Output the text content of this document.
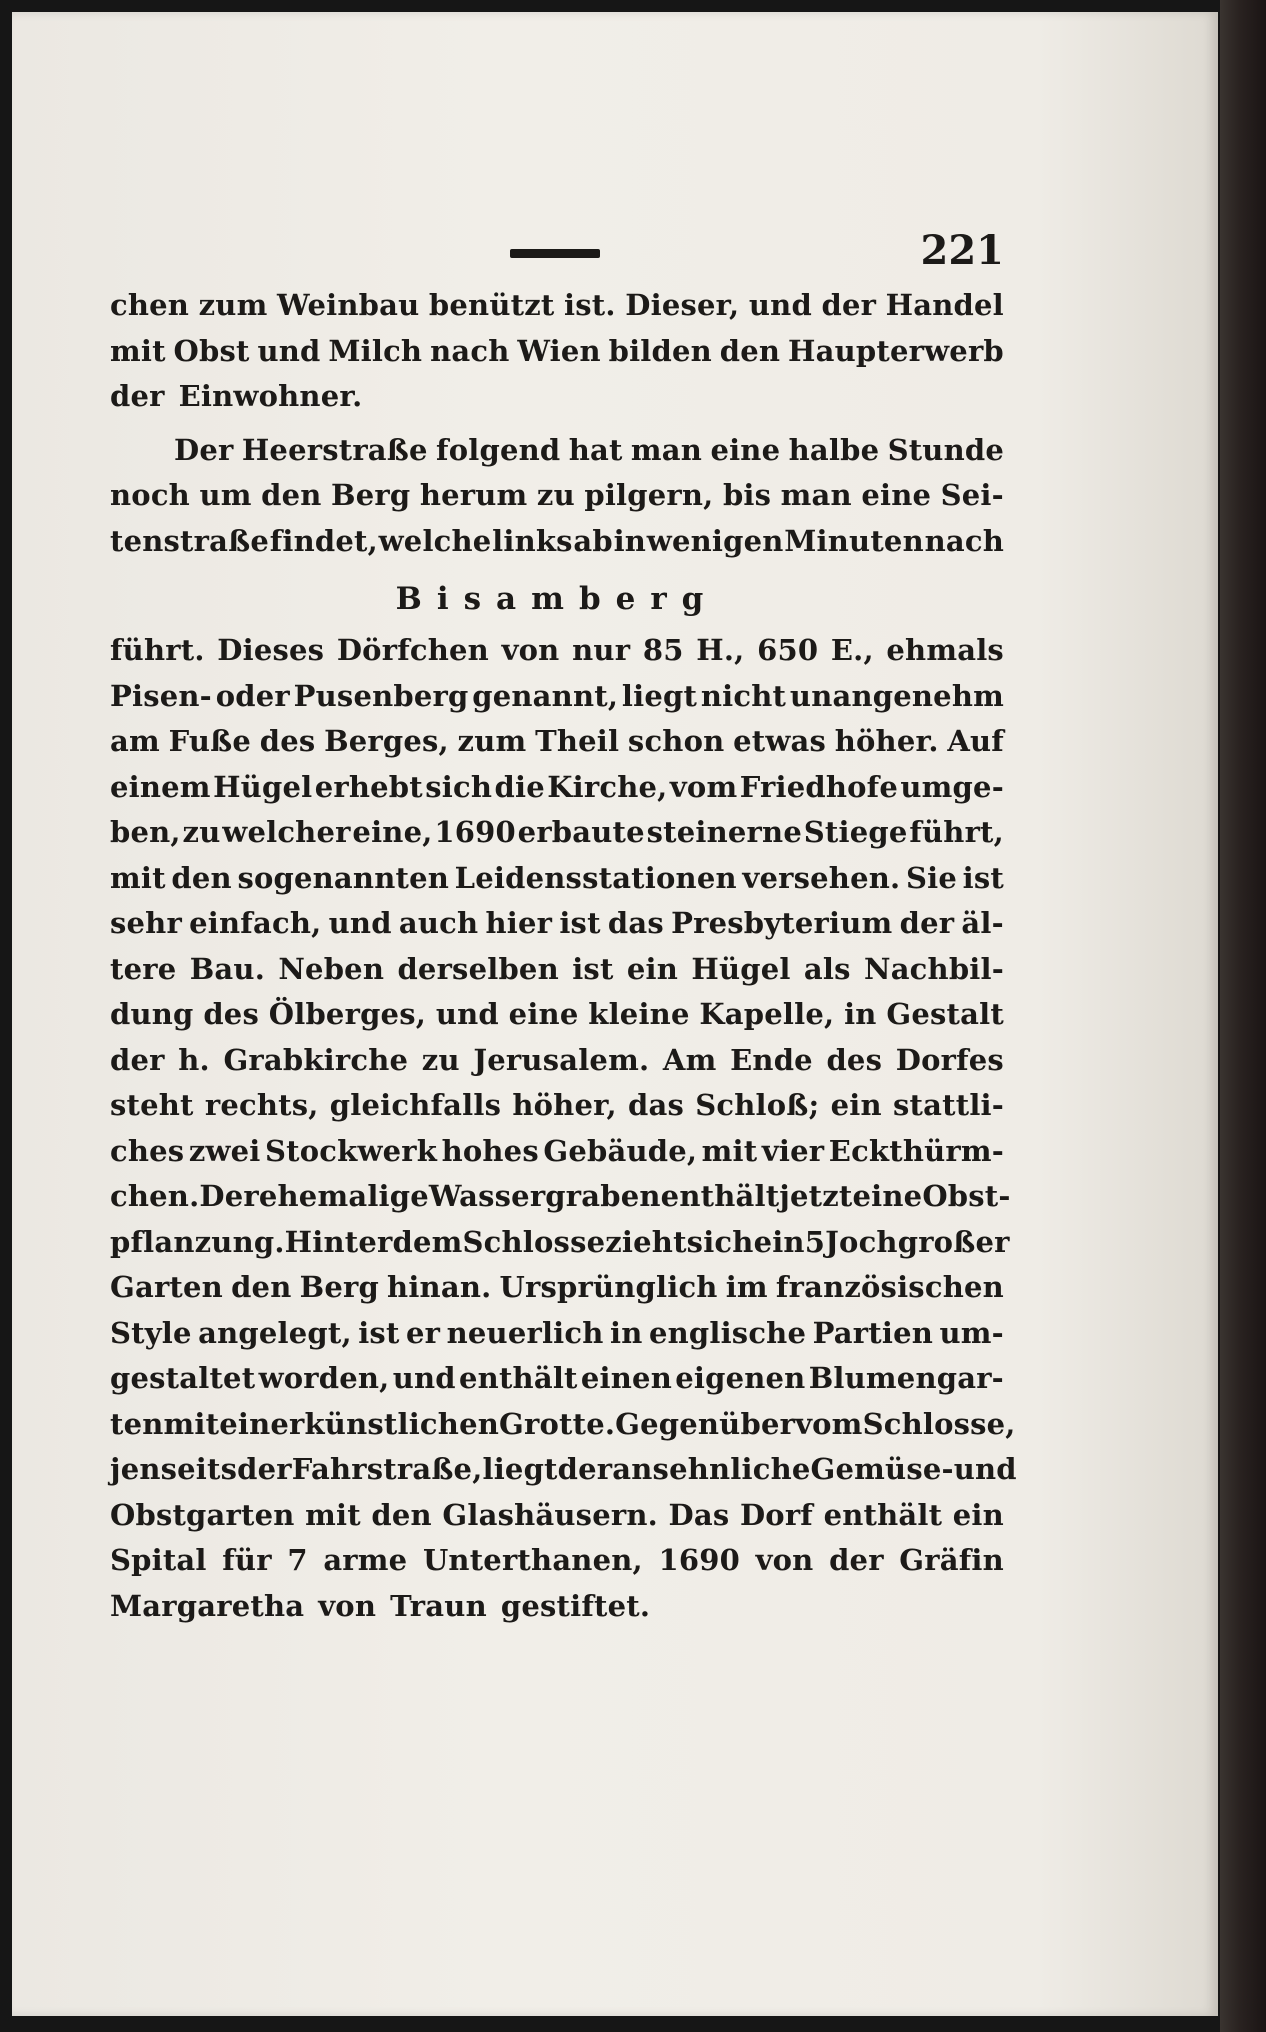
221
chen zum Weinbau benützt ist. Dieser, und der Handel
mit Obst und Milch nach Wien bilden den Haupterwerb
der Einwohner.
Der Heerstraße folgend hat man eine halbe Stunde
noch um den Berg herum zu pilgern, bis man eine Sei-
tenstraße findet, welche links ab in wenigen Minuten nach
Bisamberg
führt. Dieses Dörfchen von nur 85 H., 650 E., ehmals
Pisen- oder Pusenberg genannt, liegt nicht unangenehm
am Fuße des Berges, zum Theil schon etwas höher. Auf
einem Hügel erhebt sich die Kirche, vom Friedhofe umge-
ben, zu welcher eine, 1690 erbaute steinerne Stiege führt,
mit den sogenannten Leidensstationen versehen. Sie ist
sehr einfach, und auch hier ist das Presbyterium der äl-
tere Bau. Neben derselben ist ein Hügel als Nachbil-
dung des Ölberges, und eine kleine Kapelle, in Gestalt
der h. Grabkirche zu Jerusalem. Am Ende des Dorfes
steht rechts, gleichfalls höher, das Schloß; ein stattli-
ches zwei Stockwerk hohes Gebäude, mit vier Eckthürm-
chen. Der ehemalige Wassergraben enthält jetzt eine Obst-
pflanzung. Hinter dem Schlosse zieht sich ein 5 Joch großer
Garten den Berg hinan. Ursprünglich im französischen
Style angelegt, ist er neuerlich in englische Partien um-
gestaltet worden, und enthält einen eigenen Blumengar-
ten mit einer künstlichen Grotte. Gegenüber vom Schlosse,
jenseits der Fahrstraße, liegt der ansehnliche Gemüse- und
Obstgarten mit den Glashäusern. Das Dorf enthält ein
Spital für 7 arme Unterthanen, 1690 von der Gräfin
Margaretha von Traun gestiftet.
